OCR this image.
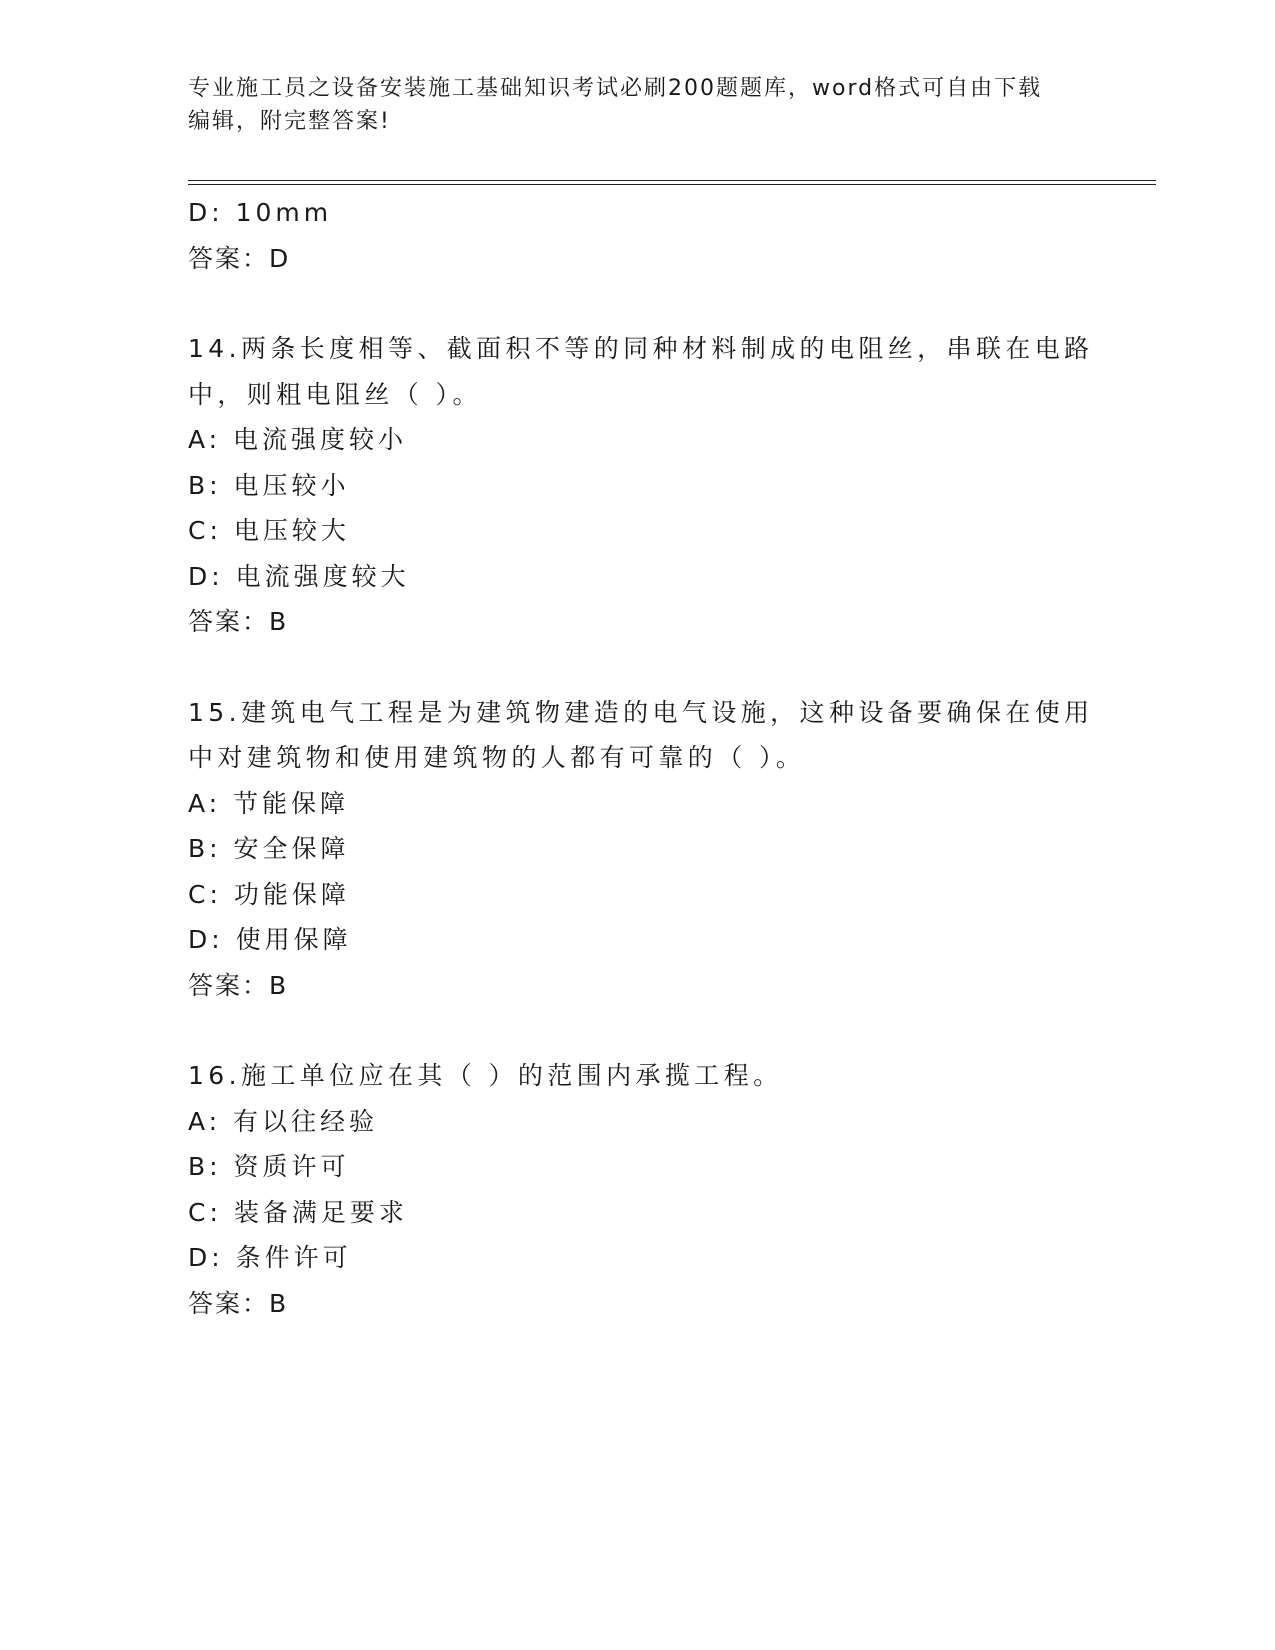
专业施工员之设备安装施工基础知识考试必刷200题题库，word格式可自由下载
编辑，附完整答案!
D: 10mm
答案：D
14.两条长度相等、截面积不等的同种材料制成的电阻丝，串联在电路
中，则粗电阻丝（ ）。
A: 电流强度较小
B: 电压较小
C: 电压较大
D: 电流强度较大
答案：B
15.建筑电气工程是为建筑物建造的电气设施，这种设备要确保在使用
中对建筑物和使用建筑物的人都有可靠的（ ）。
A: 节能保障
B: 安全保障
C: 功能保障
D: 使用保障
答案：B
16.施工单位应在其（ ）的范围内承揽工程。
A: 有以往经验
B: 资质许可
C: 装备满足要求
D: 条件许可
答案：B
